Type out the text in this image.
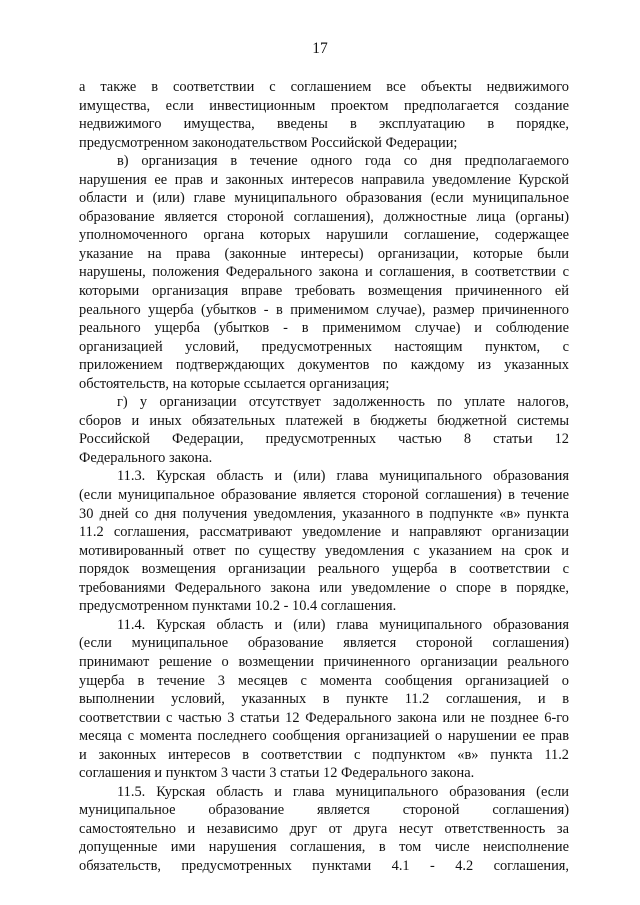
17
а также в соответствии с соглашением все объекты недвижимого
имущества, если инвестиционным проектом предполагается создание
недвижимого имущества, введены в эксплуатацию в порядке,
предусмотренном законодательством Российской Федерации;
в) организация в течение одного года со дня предполагаемого
нарушения ее прав и законных интересов направила уведомление Курской
области и (или) главе муниципального образования (если муниципальное
образование является стороной соглашения), должностные лица (органы)
уполномоченного органа которых нарушили соглашение, содержащее
указание на права (законные интересы) организации, которые были
нарушены, положения Федерального закона и соглашения, в соответствии с
которыми организация вправе требовать возмещения причиненного ей
реального ущерба (убытков - в применимом случае), размер причиненного
реального ущерба (убытков - в применимом случае) и соблюдение
организацией условий, предусмотренных настоящим пунктом, с
приложением подтверждающих документов по каждому из указанных
обстоятельств, на которые ссылается организация;
г) у организации отсутствует задолженность по уплате налогов,
сборов и иных обязательных платежей в бюджеты бюджетной системы
Российской Федерации, предусмотренных частью 8 статьи 12
Федерального закона.
11.3. Курская область и (или) глава муниципального образования
(если муниципальное образование является стороной соглашения) в течение
30 дней со дня получения уведомления, указанного в подпункте «в» пункта
11.2 соглашения, рассматривают уведомление и направляют организации
мотивированный ответ по существу уведомления с указанием на срок и
порядок возмещения организации реального ущерба в соответствии с
требованиями Федерального закона или уведомление о споре в порядке,
предусмотренном пунктами 10.2 - 10.4 соглашения.
11.4. Курская область и (или) глава муниципального образования
(если муниципальное образование является стороной соглашения)
принимают решение о возмещении причиненного организации реального
ущерба в течение 3 месяцев с момента сообщения организацией о
выполнении условий, указанных в пункте 11.2 соглашения, и в
соответствии с частью 3 статьи 12 Федерального закона или не позднее 6-го
месяца с момента последнего сообщения организацией о нарушении ее прав
и законных интересов в соответствии с подпунктом «в» пункта 11.2
соглашения и пунктом 3 части 3 статьи 12 Федерального закона.
11.5. Курская область и глава муниципального образования (если
муниципальное образование является стороной соглашения)
самостоятельно и независимо друг от друга несут ответственность за
допущенные ими нарушения соглашения, в том числе неисполнение
обязательств, предусмотренных пунктами 4.1 - 4.2 соглашения,
